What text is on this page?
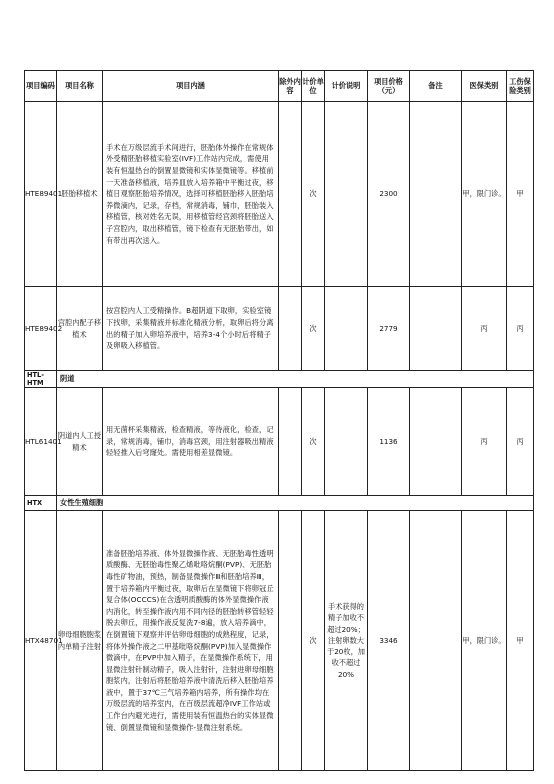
项目编码	项目名称	项目内涵	除外内容	计价单位	计价说明	项目价格（元）	备注	医保类别	工伤保险类别
HTE89401	胚胎移植术	手术在万级层流手术间进行，胚胎体外操作在常规体外受精胚胎移植实验室(IVF)工作站内完成，需使用装有恒温热台的倒置显微镜和实体显微镜等。移植前一天准备移植液，培养皿放入培养箱中平衡过夜，移植日观察胚胎培养情况，选择可移植胚胎移入胚胎培养微滴内，记录，存档，常规消毒，铺巾，胚胎装入移植管，核对姓名无误，用移植管经宫颈将胚胎送入子宫腔内，取出移植管，镜下检查有无胚胎带出，如有带出再次送入。		次		2300		甲，限门诊。	甲
HTE89402	宫腔内配子移植术	按宫腔内人工受精操作。B超阴道下取卵，实验室镜下找卵，采集精液并标准化精液分析，取卵后将分离出的精子加入卵培养液中，培养3-4个小时后将精子及卵吸入移植管。		次		2779		丙	丙
HTL-HTM	阴道								
HTL61401	阴道内人工授精术	用无菌杯采集精液，检查精液，等待液化，检查，记录，常规消毒，铺巾，消毒宫颈，用注射器吸出精液轻轻推入后穹窿处。需使用相差显微镜。		次		1136		丙	丙
HTX	女性生殖细胞								
HTX48701	卵母细胞胞浆内单精子注射	准备胚胎培养液、体外显微操作液、无胚胎毒性透明质酸酶、无胚胎毒性聚乙烯吡咯烷酮(PVP)、无胚胎毒性矿物油，预热，制备显微操作Ⅲ和胚胎培养Ⅲ，置于培养箱内平衡过夜，取卵后在显微镜下将卵冠丘复合体(OCCCS)在含透明质酸酶的体外显微操作液内消化，转至操作液内用不同内径的胚胎转移管轻轻脱去卵丘，用操作液反复洗7-8遍，放入培养滴中，在倒置镜下观察并评估卵母细胞的成熟程度，记录，将体外操作液之二甲基吡咯烷酮(PVP)加入显微操作微滴中，在PVP中加入精子，在显微操作系统下，用显微注射针制动精子，吸入注射针，注射进卵母细胞胞浆内，注射后将胚胎培养液中清洗后移入胚胎培养液中，置于37℃三气培养箱内培养，所有操作均在万级层流的培养室内，在百级层流超净IVF工作站或工作台内避光进行，需使用装有恒温热台的实体显微镜、倒置显微镜和显微操作-显微注射系统。		次	手术获得的精子加收不超过20%；注射卵数大于20枚，加收不超过20%	3346		甲，限门诊。	甲
